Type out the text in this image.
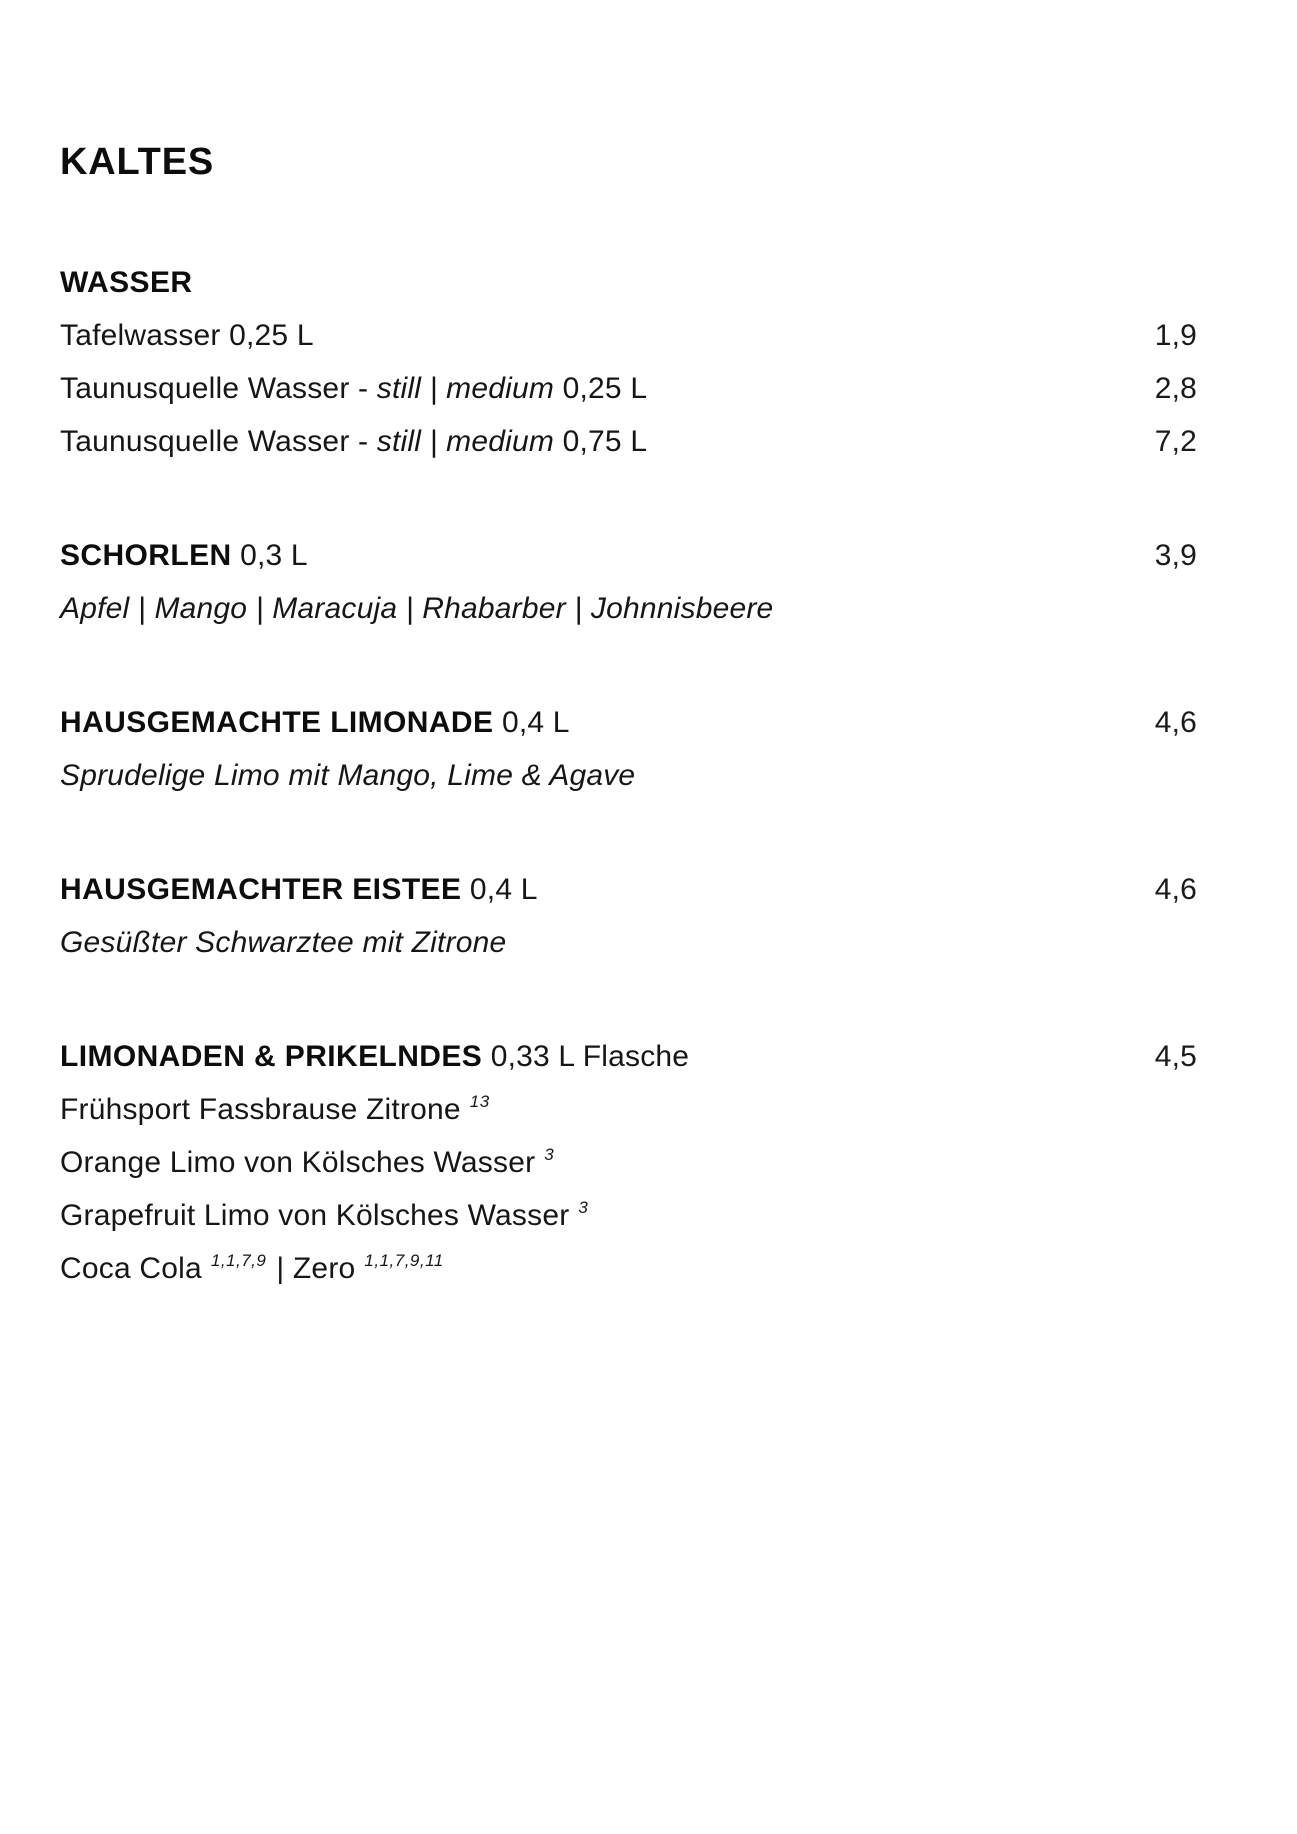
KALTES
WASSER
Tafelwasser 0,25 L	1,9
Taunusquelle Wasser - still | medium 0,25 L	2,8
Taunusquelle Wasser - still | medium 0,75 L	7,2
SCHORLEN 0,3 L	3,9
Apfel | Mango | Maracuja | Rhabarber | Johnnisbeere
HAUSGEMACHTE LIMONADE 0,4 L	4,6
Sprudelige Limo mit Mango, Lime & Agave
HAUSGEMACHTER EISTEE 0,4 L	4,6
Gesüßter Schwarztee mit Zitrone
LIMONADEN & PRIKELNDES 0,33 L Flasche	4,5
Frühsport Fassbrause Zitrone $^{13}$
Orange Limo von Kölsches Wasser $^3$
Grapefruit Limo von Kölsches Wasser $^3$
Coca Cola $^{1,1,7,9}$ | Zero $^{1,1,7,9,11}$
